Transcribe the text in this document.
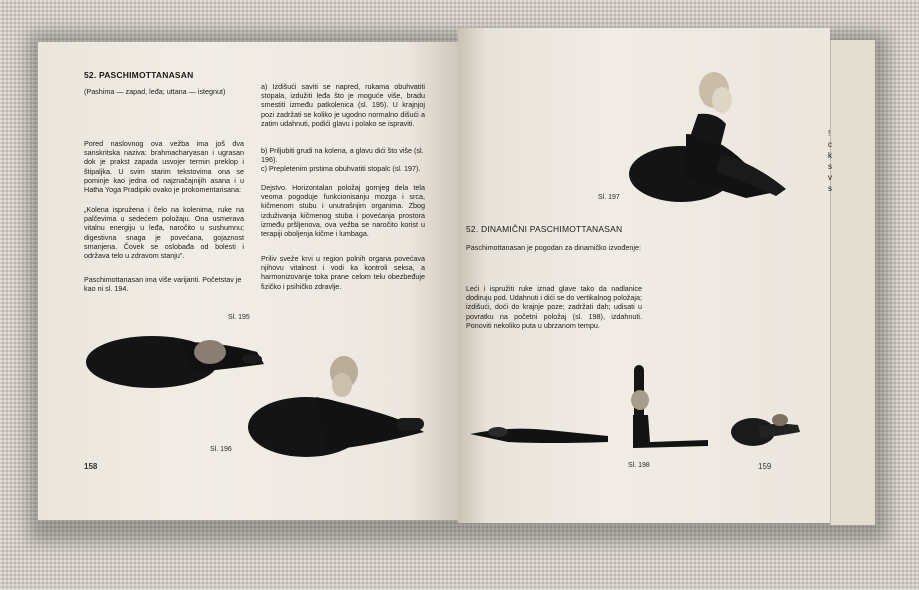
52. PASCHIMOTTANASAN
(Pashima — zapad, leđa; uttana — istegnut)
Pored naslovnog ova vežba ima još dva sanskritska naziva: brahmacharyasan i ugrasan dok je prakst zapada usvojer termin preklop i štipaljka. U svim starim tekstovima ona se pominje kao jedna od najznačajnijih asana i u Hatha Yoga Pradipiki ovako je prokomentarisana:
„Kolena ispružena i čelo na kolenima, ruke na palčevima u sedećem položaju. Ona usmerava vitalnu energiju u leđa, naročito u sushumnu; digestivna snaga je povećana, gojaznost smanjena. Čovek se oslobađa od bolesti i održava telo u zdravom stanju".
Paschimottanasan ima više varijanti. Početstav je kao ni sl. 194.
a) Izdišući saviti se napred, rukama obuhvatiti stopala, izdužiti leđa što je moguće više, bradu smestiti između patkolenica (sl. 195). U krajnjoj pozi zadržati se koliko je ugodno normalno dišući a zatim udahnuti, podići glavu i polako se ispraviti.
b) Priljubiti grudi na kolena, a glavu dići što više (sl. 196).
c) Prepletenim prstima obuhvatiti stopalc (sl. 197).
Dejstvo. Horizontalan položaj gornjeg dela tela veoma pogoduje funkcionisanju mozga i srca, kičmenom stubu i unutrašnjim organima. Zbog izduživanja kičmenog stuba i povećanja prostora između pršljenova, ova vežba se naročito korist u terapiji oboljenja kičme i lumbaga.
Priliv sveže krvi u region polnih organa povećava njihovu vitalnost i vodi ka kontroli seksa, a harmonizovanje toka prane celom telu obezbeđuje fizičko i psihičko zdravlje.
Sl. 195
Sl. 196
158
Sl. 197
52. DINAMIČNI PASCHIMOTTANASAN
Paschimottanasan je pogodan za dinamičko izvođenje:
Leći i ispružiti ruke iznad glave tako da nadlanice dodiruju pod. Udahnuti i dići se do vertikalnog položaja; izdišući, doći do krajnje poze; zadržati dah; udisati u povratku na početni položaj (sl. 198), izdahnuti. Ponoviti nekoliko puta u ubrzanom tempu.
Sl. 198	159
! c k s v s
